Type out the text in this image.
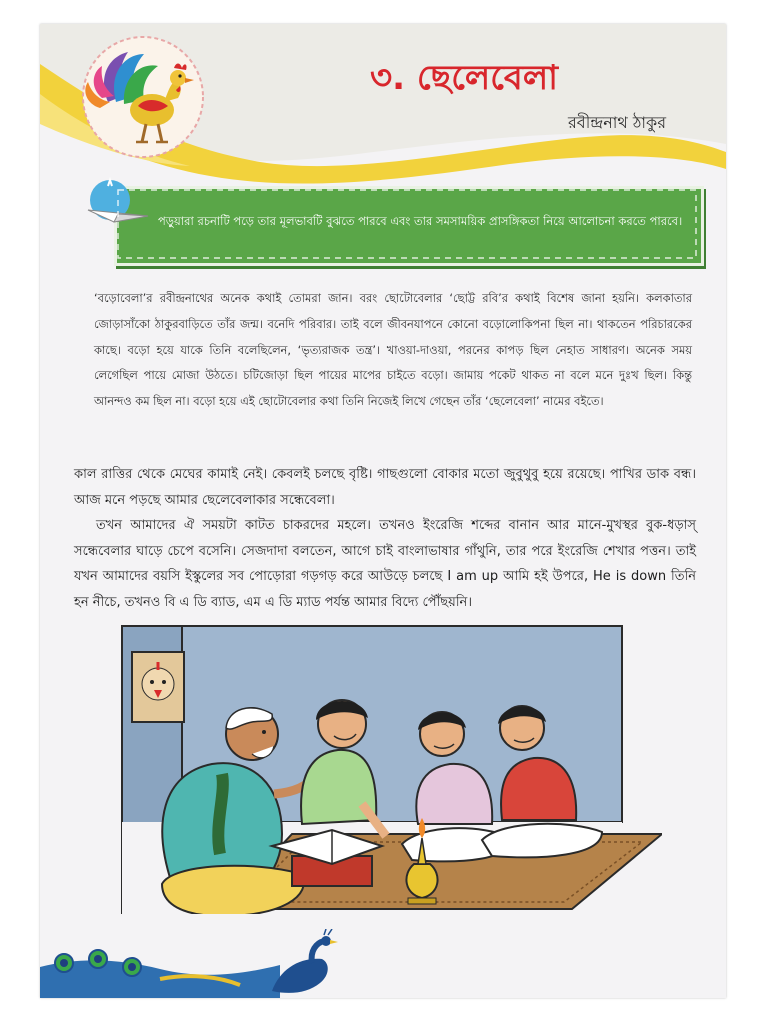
৩. ছেলেবেলা
রবীন্দ্রনাথ ঠাকুর
পড়ুয়ারা রচনাটি পড়ে তার মূলভাবটি বুঝতে পারবে এবং তার সমসাময়িক প্রাসঙ্গিকতা নিয়ে আলোচনা করতে পারবে।

‘বড়োবেলা’র রবীন্দ্রনাথের অনেক কথাই তোমরা জান। বরং ছোটোবেলার ‘ছোট্ট রবি’র কথাই বিশেষ জানা হয়নি। কলকাতার জোড়াসাঁকো ঠাকুরবাড়িতে তাঁর জন্ম। বনেদি পরিবার। তাই বলে জীবনযাপনে কোনো বড়োলোকিপনা ছিল না। থাকতেন পরিচারকের কাছে। বড়ো হয়ে যাকে তিনি বলেছিলেন, ‘ভৃত্যরাজক তন্ত্র’। খাওয়া-দাওয়া, পরনের কাপড় ছিল নেহাত সাধারণ। অনেক সময় লেগেছিল পায়ে মোজা উঠতে। চটিজোড়া ছিল পায়ের মাপের চাইতে বড়ো। জামায় পকেট থাকত না বলে মনে দুঃখ ছিল। কিন্তু আনন্দও কম ছিল না। বড়ো হয়ে এই ছোটোবেলার কথা তিনি নিজেই লিখে গেছেন তাঁর ‘ছেলেবেলা’ নামের বইতে।

কাল রাত্তির থেকে মেঘের কামাই নেই। কেবলই চলছে বৃষ্টি। গাছগুলো বোকার মতো জুবুথুবু হয়ে রয়েছে। পাখির ডাক বন্ধ। আজ মনে পড়ছে আমার ছেলেবেলাকার সন্ধেবেলা।

তখন আমাদের ঐ সময়টা কাটত চাকরদের মহলে। তখনও ইংরেজি শব্দের বানান আর মানে-মুখস্থর বুক-ধড়াস্ সন্ধেবেলার ঘাড়ে চেপে বসেনি। সেজদাদা বলতেন, আগে চাই বাংলাভাষার গাঁথুনি, তার পরে ইংরেজি শেখার পত্তন। তাই যখন আমাদের বয়সি ইস্কুলের সব পোড়োরা গড়গড় করে আউড়ে চলছে I am up আমি হই উপরে, He is down তিনি হন নীচে, তখনও বি এ ডি ব্যাড, এম এ ডি ম্যাড পর্যন্ত আমার বিদ্যে পৌঁছয়নি।
